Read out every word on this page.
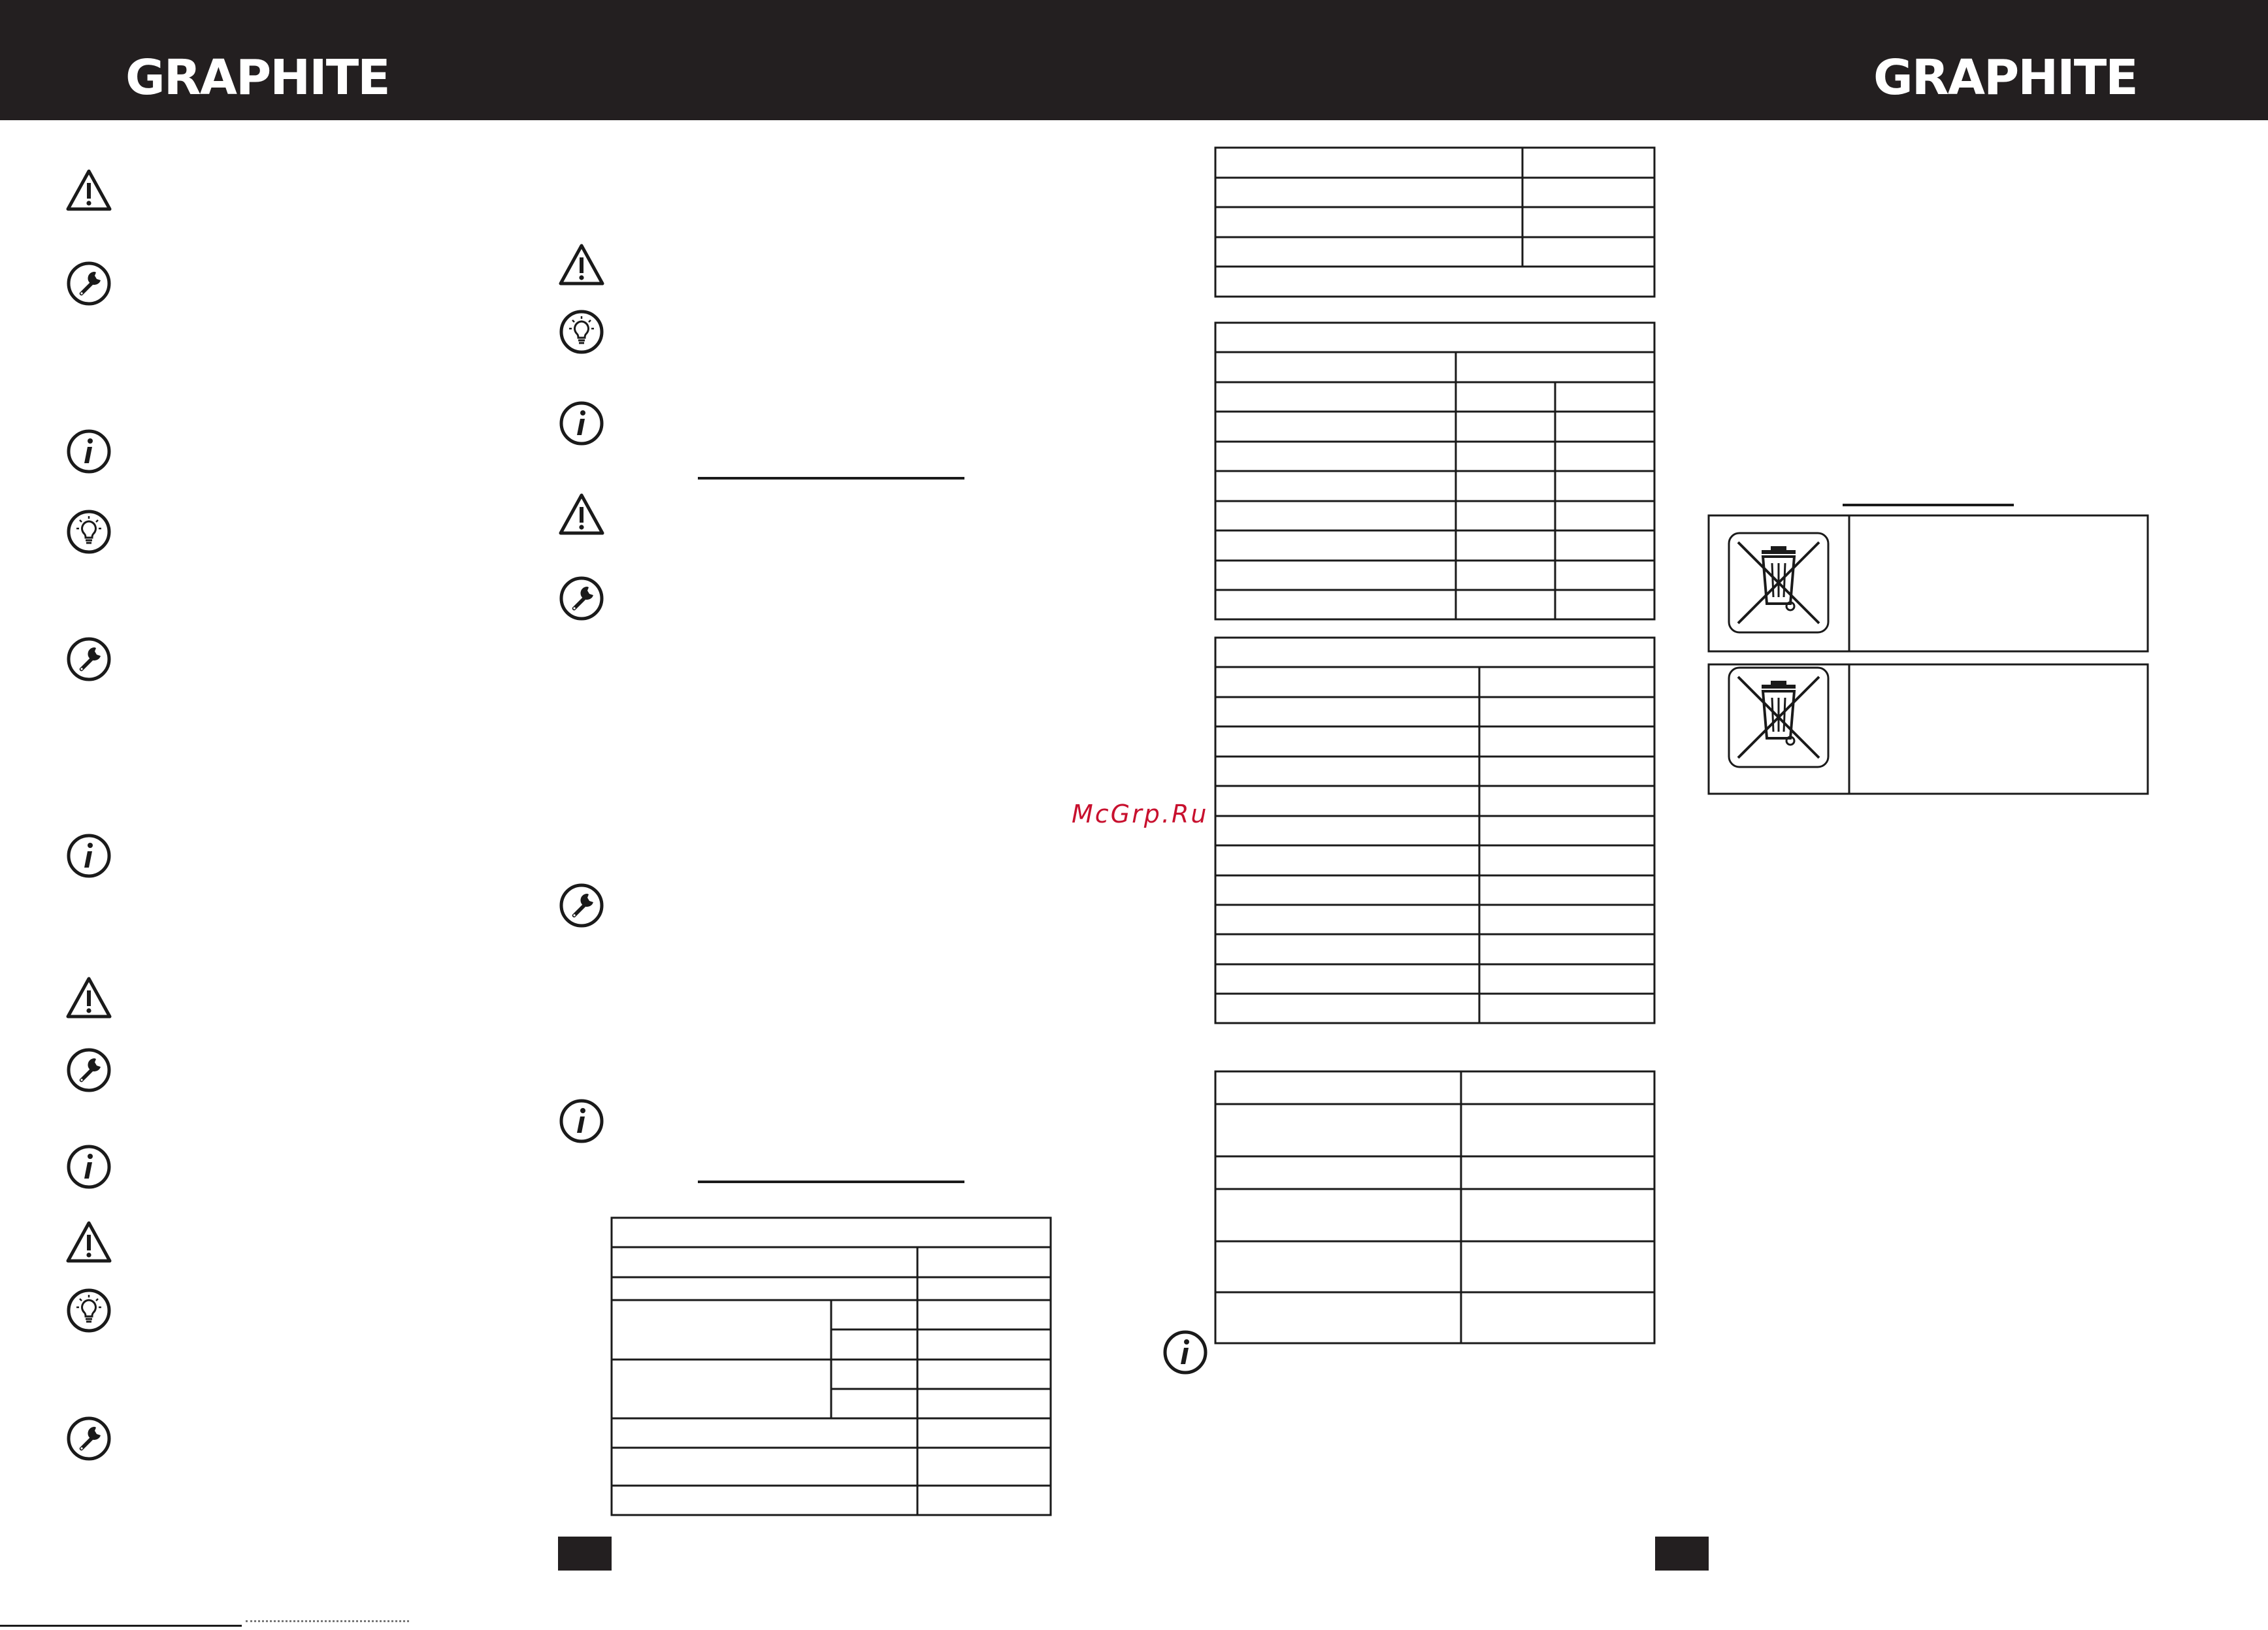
GRAPHITE	GRAPHITE
McGrp.Ru
